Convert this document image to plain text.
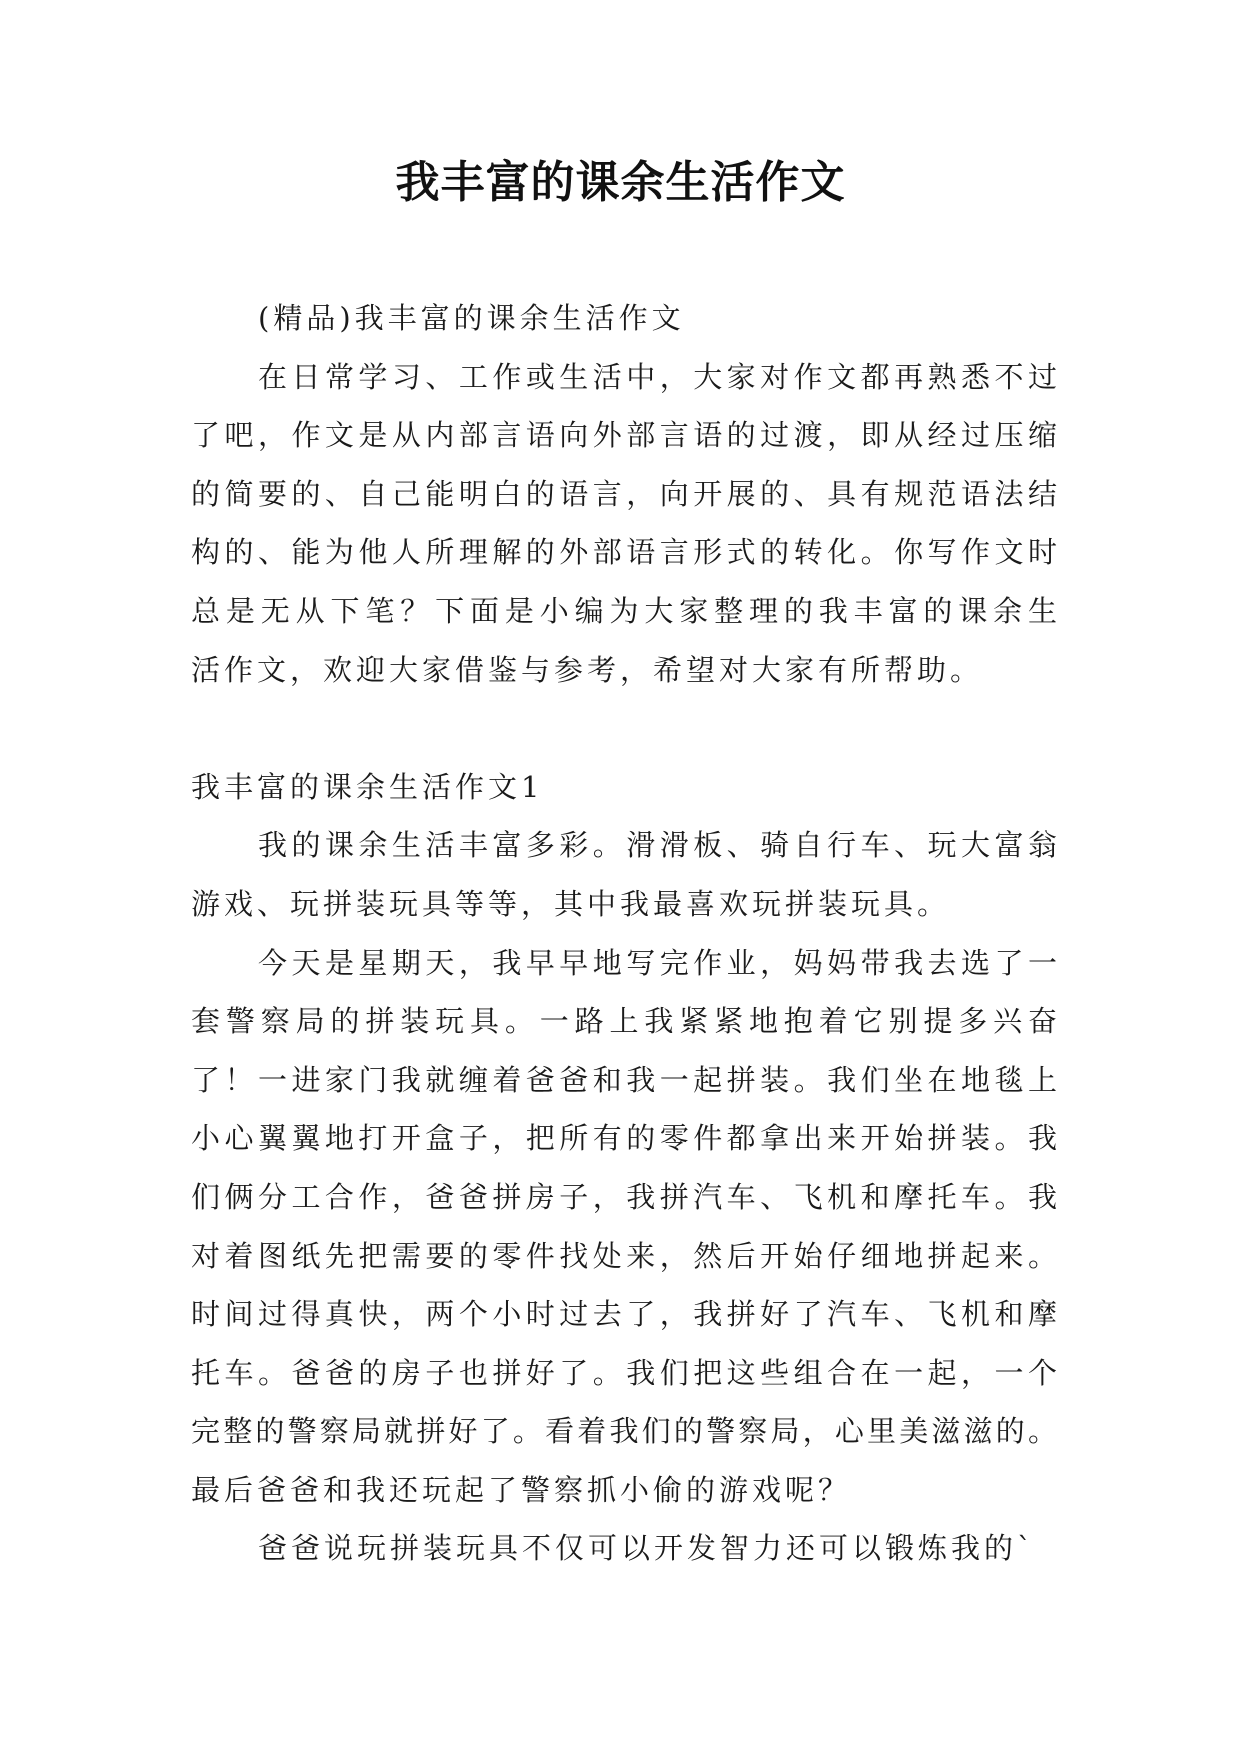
我丰富的课余生活作文
(精品)我丰富的课余生活作文
在日常学习、工作或生活中，大家对作文都再熟悉不过
了吧，作文是从内部言语向外部言语的过渡，即从经过压缩
的简要的、自己能明白的语言，向开展的、具有规范语法结
构的、能为他人所理解的外部语言形式的转化。你写作文时
总是无从下笔？下面是小编为大家整理的我丰富的课余生
活作文，欢迎大家借鉴与参考，希望对大家有所帮助。
我丰富的课余生活作文1
我的课余生活丰富多彩。滑滑板、骑自行车、玩大富翁
游戏、玩拼装玩具等等，其中我最喜欢玩拼装玩具。
今天是星期天，我早早地写完作业，妈妈带我去选了一
套警察局的拼装玩具。一路上我紧紧地抱着它别提多兴奋
了！一进家门我就缠着爸爸和我一起拼装。我们坐在地毯上
小心翼翼地打开盒子，把所有的零件都拿出来开始拼装。我
们俩分工合作，爸爸拼房子，我拼汽车、飞机和摩托车。我
对着图纸先把需要的零件找处来，然后开始仔细地拼起来。
时间过得真快，两个小时过去了，我拼好了汽车、飞机和摩
托车。爸爸的房子也拼好了。我们把这些组合在一起，一个
完整的警察局就拼好了。看着我们的警察局，心里美滋滋的。
最后爸爸和我还玩起了警察抓小偷的游戏呢？
爸爸说玩拼装玩具不仅可以开发智力还可以锻炼我的`
